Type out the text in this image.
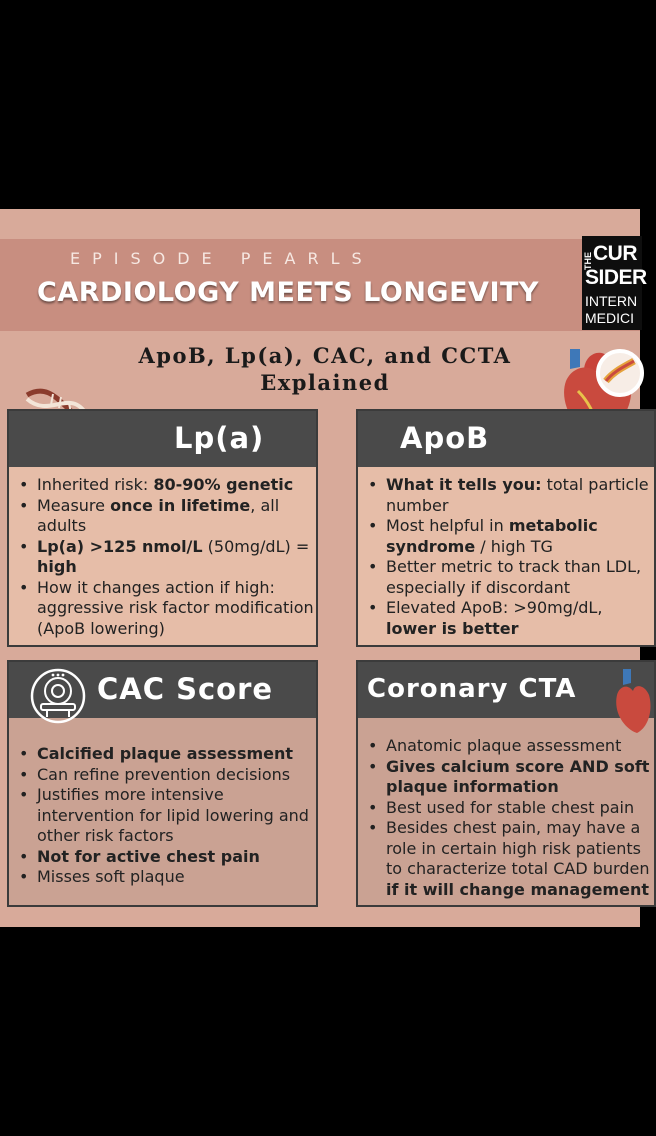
EPISODE PEARLS
CARDIOLOGY MEETS LONGEVITY
THE CUR
SIDER
INTERN
MEDICI
ApoB, Lp(a), CAC, and CCTA
Explained
Lp(a)
• Inherited risk: 80-90% genetic
• Measure once in lifetime, all adults
• Lp(a) >125 nmol/L (50mg/dL) = high
• How it changes action if high: aggressive risk factor modification (ApoB lowering)
ApoB
• What it tells you: total particle number
• Most helpful in metabolic syndrome / high TG
• Better metric to track than LDL, especially if discordant
• Elevated ApoB: >90mg/dL, lower is better
CAC Score
• Calcified plaque assessment
• Can refine prevention decisions
• Justifies more intensive intervention for lipid lowering and other risk factors
• Not for active chest pain
• Misses soft plaque
Coronary CTA
• Anatomic plaque assessment
• Gives calcium score AND soft plaque information
• Best used for stable chest pain
• Besides chest pain, may have a role in certain high risk patients to characterize total CAD burden if it will change management
